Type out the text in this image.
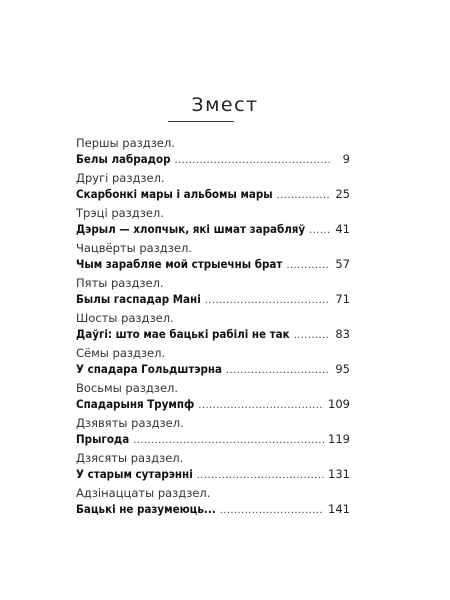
Змест
Першы раздзел.
Белы лабрадор . . .	9
Другі раздзел.
Скарбонкі мары і альбомы мары . . .	25
Трэці раздзел.
Дэрыл — хлопчык, які шмат зарабляў . . .	41
Чацвёрты раздзел.
Чым зарабляе мой стрыечны брат . . .	57
Пяты раздзел.
Былы гаспадар Мані . . .	71
Шосты раздзел.
Даўгі: што мае бацькі рабілі не так . . .	83
Сёмы раздзел.
У спадара Гольдштэрна . . .	95
Восьмы раздзел.
Спадарыня Трумпф . . .	109
Дзявяты раздзел.
Прыгода . . .	119
Дзясяты раздзел.
У старым сутарэнні . . .	131
Адзінаццаты раздзел.
Бацькі не разумеюць... . . .	141
